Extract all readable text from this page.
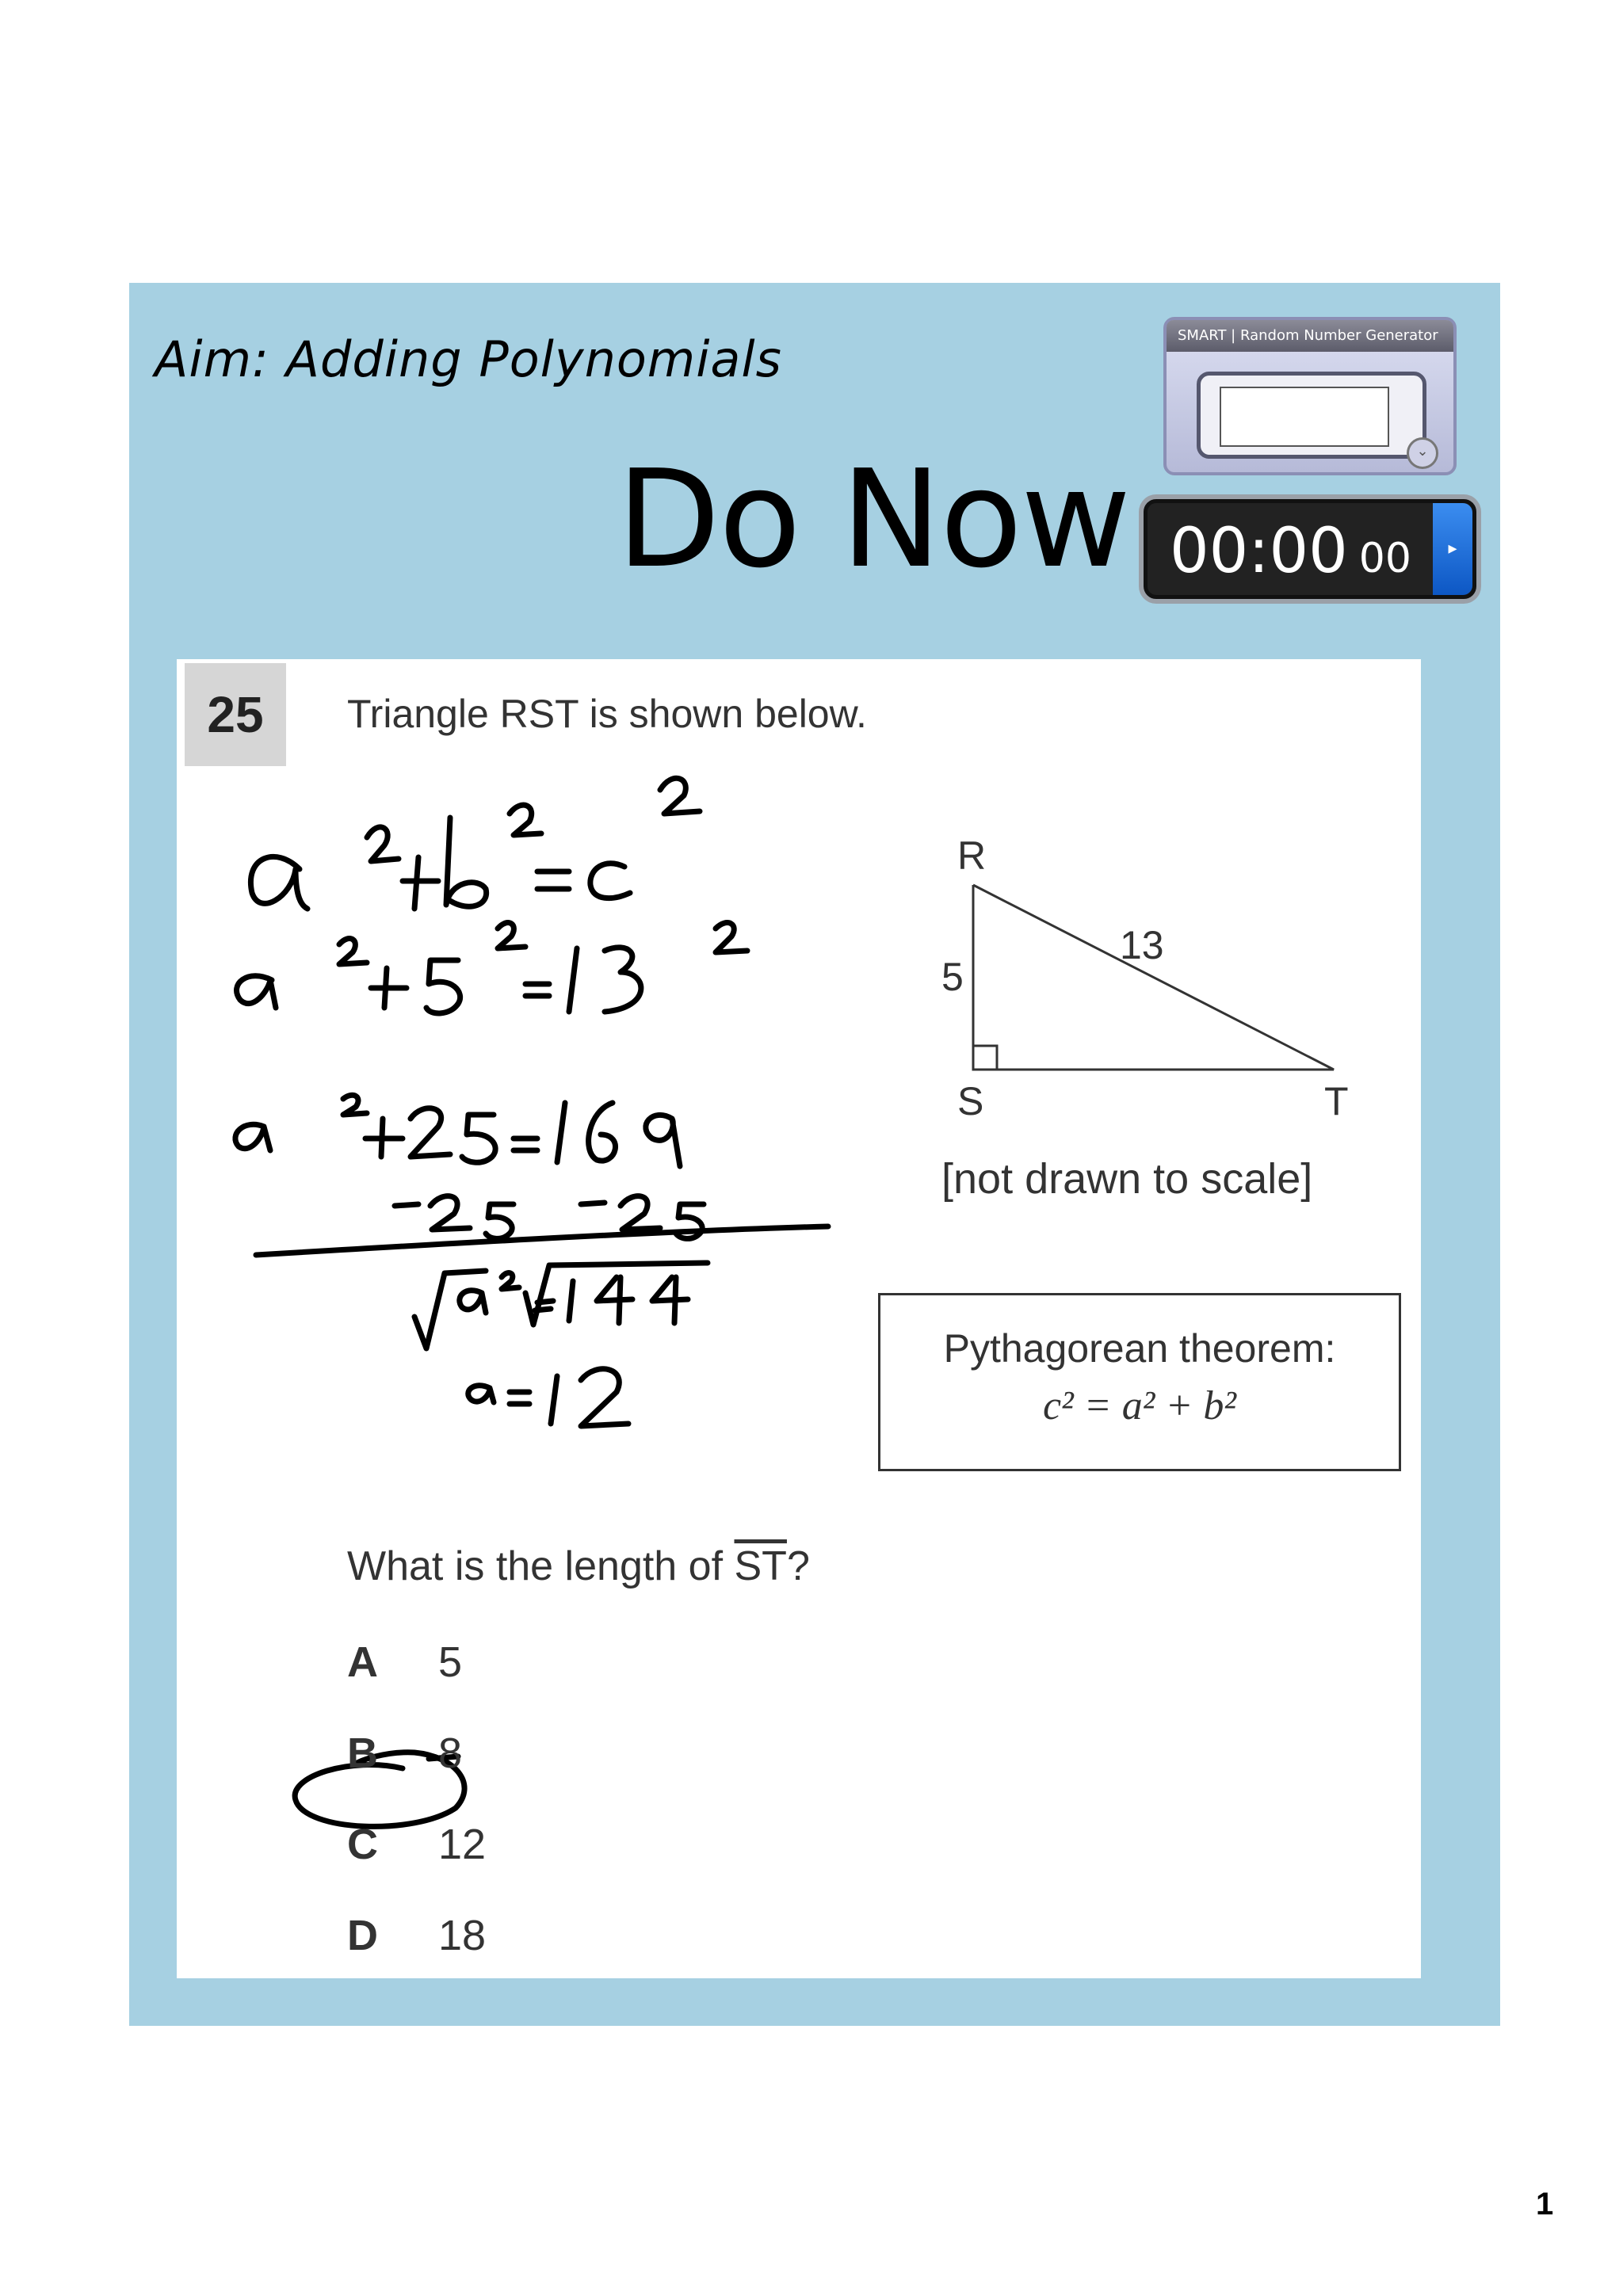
Aim: Adding Polynomials
Do Now
SMART | Random Number Generator
⌄
00:00 00	▸
25	Triangle RST is shown below.
R
S	T
5
13
[not drawn to scale]
Pythagorean theorem:
c² = a² + b²
What is the length of $\overline{ST}$?
A 5
B 8
C 12
D 18
1
